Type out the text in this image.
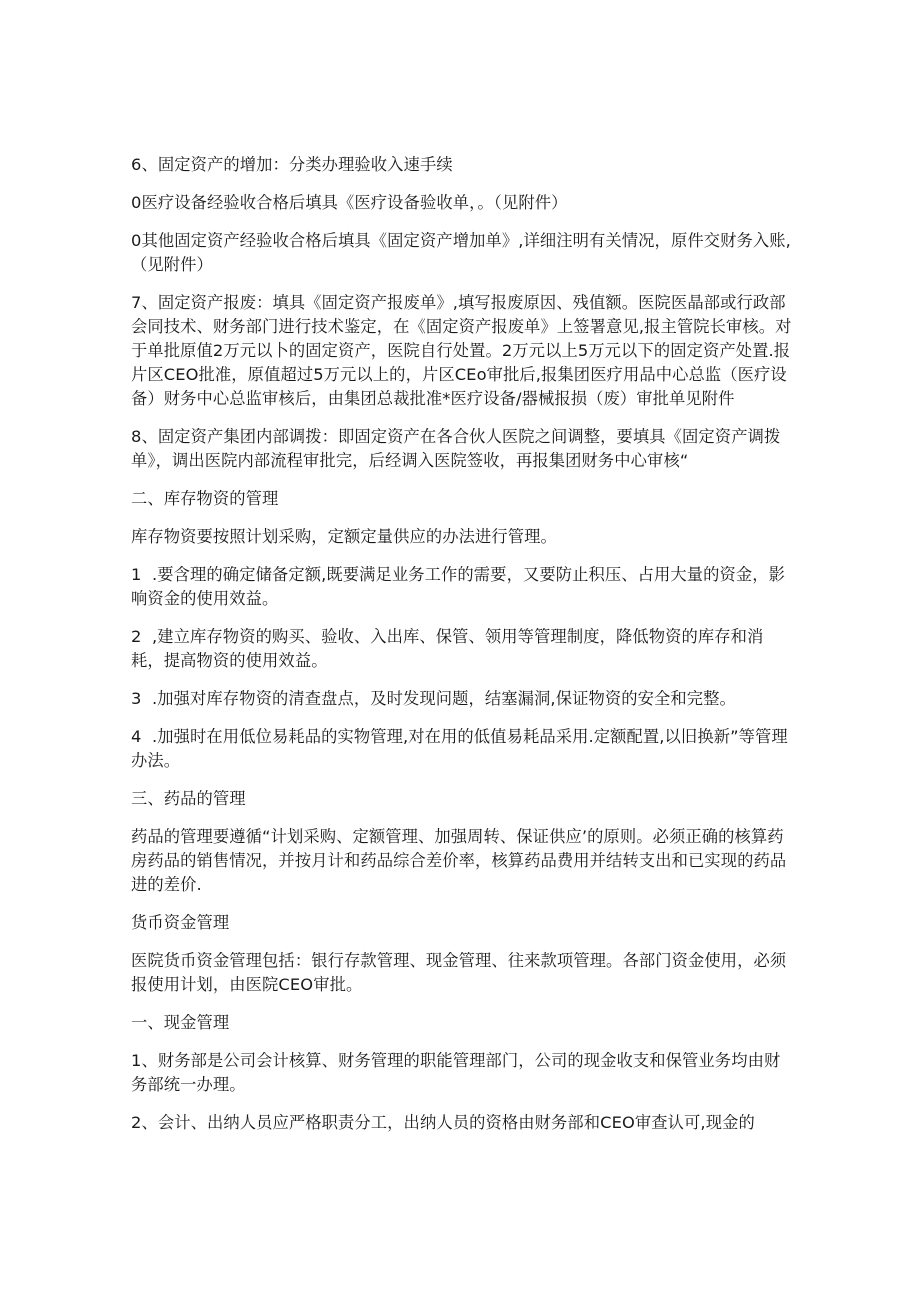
6、固定资产的增加：分类办理验收入速手续

0医疗设备经验收合格后填具《医疗设备验收单，。（见附件）

0其他固定资产经验收合格后填具《固定资产增加单》,详细注明有关情况，原件交财务入账,（见附件）

7、固定资产报废：填具《固定资产报废单》,填写报废原因、残值额。医院医晶部或行政部会同技术、财务部门进行技术鉴定，在《固定资产报废单》上签署意见,报主管院长审核。对于单批原值2万元以卜的固定资产，医院自行处置。2万元以上5万元以下的固定资产处置.报片区CEO批准，原值超过5万元以上的，片区CEo审批后,报集团医疗用品中心总监（医疗设备）财务中心总监审核后，由集团总裁批准*医疗设备/器械报损（废）审批单见附件

8、固定资产集团内部调拨：即固定资产在各合伙人医院之间调整，要填具《固定资产调拨单》，调出医院内部流程审批完，后经调入医院签收，再报集团财务中心审核“

二、库存物资的管理

库存物资要按照计划采购，定额定量供应的办法进行管理。

1  .要含理的确定储备定额,既要满足业务工作的需要，又要防止积压、占用大量的资金，影响资金的使用效益。

2  ,建立库存物资的购买、验收、入出库、保管、领用等管理制度，降低物资的库存和消耗，提高物资的使用效益。

3  .加强对库存物资的清查盘点，及时发现问题，结塞漏洞,保证物资的安全和完整。

4  .加强时在用低位易耗品的实物管理,对在用的低值易耗品采用.定额配置,以旧换新”等管理办法。

三、药品的管理

药品的管理要遵循“计划采购、定额管理、加强周转、保证供应’的原则。必须正确的核算药房药品的销售情况，并按月计和药品综合差价率，核算药品费用并结转支出和已实现的药品进的差价.

货币资金管理

医院货币资金管理包括：银行存款管理、现金管理、往来款项管理。各部门资金使用，必须报使用计划，由医院CEO审批。

一、现金管理

1、财务部是公司会计核算、财务管理的职能管理部门，公司的现金收支和保管业务均由财务部统一办理。

2、会计、出纳人员应严格职责分工，出纳人员的资格由财务部和CEO审查认可,现金的
